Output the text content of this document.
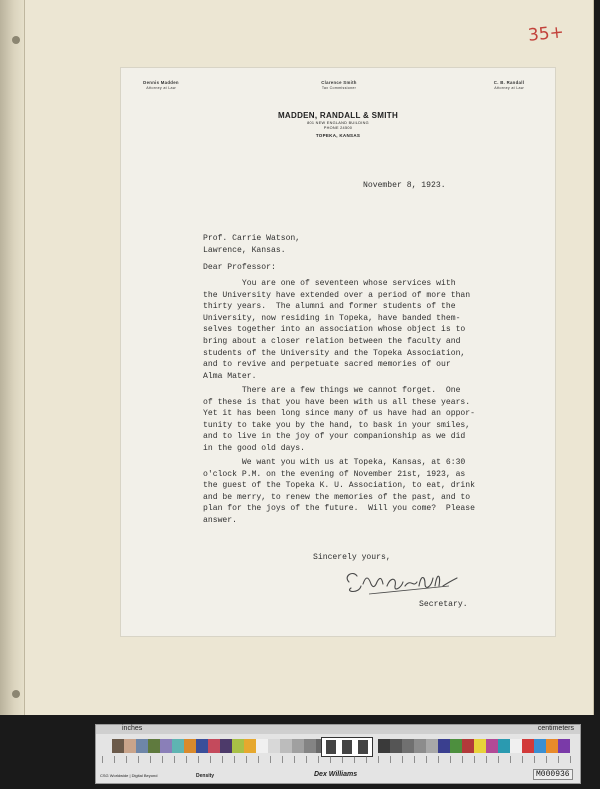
35+
Dennis Madden
Attorney at Law
Clarence Smith
Tax Commissioner
C. B. Randall
Attorney at Law
MADDEN, RANDALL & SMITH
801 NEW ENGLAND BUILDING
PHONE 24500
TOPEKA, KANSAS
November 8, 1923.
Prof. Carrie Watson,
Lawrence, Kansas.
Dear Professor:
You are one of seventeen whose services with
the University have extended over a period of more than
thirty years.  The alumni and former students of the
University, now residing in Topeka, have banded them-
selves together into an association whose object is to
bring about a closer relation between the faculty and
students of the University and the Topeka Association,
and to revive and perpetuate sacred memories of our
Alma Mater.
There are a few things we cannot forget.  One
of these is that you have been with us all these years.
Yet it has been long since many of us have had an oppor-
tunity to take you by the hand, to bask in your smiles,
and to live in the joy of your companionship as we did
in the good old days.
We want you with us at Topeka, Kansas, at 6:30
o'clock P.M. on the evening of November 21st, 1923, as
the guest of the Topeka K. U. Association, to eat, drink
and be merry, to renew the memories of the past, and to
plan for the joys of the future.  Will you come?  Please
answer.
Sincerely yours,
Secretary.
inches	centimeters
CSG Worldwide | Digital Beyond	Density	Dex Williams	M000936
